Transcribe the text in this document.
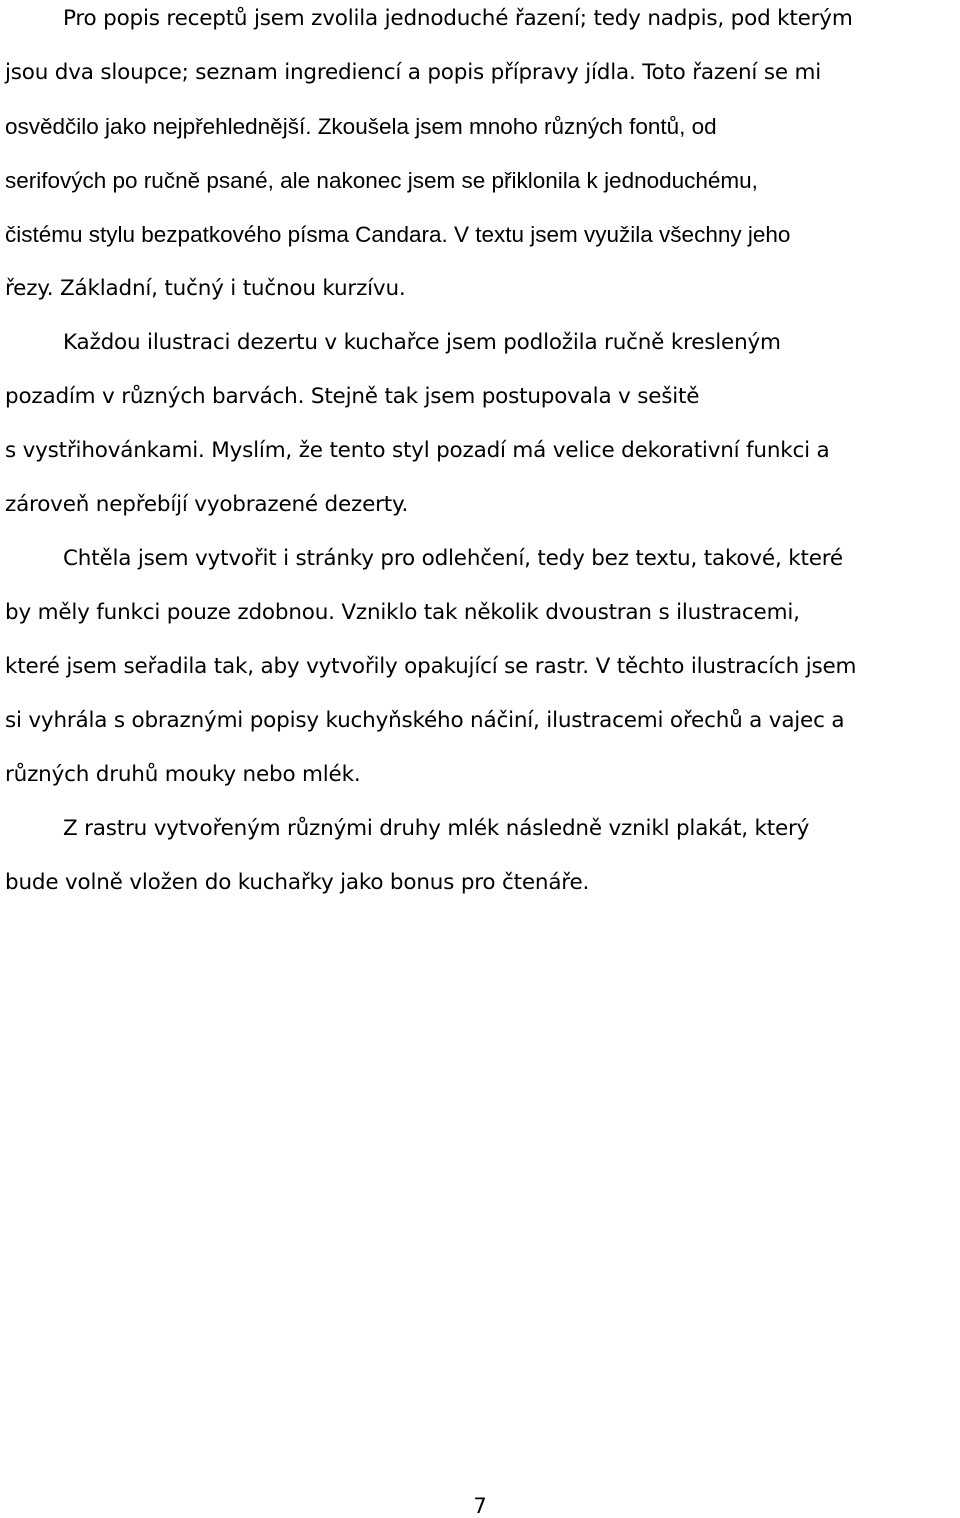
Pro popis receptů jsem zvolila jednoduché řazení; tedy nadpis, pod kterým
jsou dva sloupce; seznam ingrediencí a popis přípravy jídla. Toto řazení se mi
osvědčilo jako nejpřehlednější. Zkoušela jsem mnoho různých fontů, od
serifových po ručně psané, ale nakonec jsem se přiklonila k jednoduchému,
čistému stylu bezpatkového písma Candara. V textu jsem využila všechny jeho
řezy. Základní, tučný i tučnou kurzívu.
Každou ilustraci dezertu v kuchařce jsem podložila ručně kresleným
pozadím v různých barvách. Stejně tak jsem postupovala v sešitě
s vystřihovánkami. Myslím, že tento styl pozadí má velice dekorativní funkci a
zároveň nepřebíjí vyobrazené dezerty.
Chtěla jsem vytvořit i stránky pro odlehčení, tedy bez textu, takové, které
by měly funkci pouze zdobnou. Vzniklo tak několik dvoustran s ilustracemi,
které jsem seřadila tak, aby vytvořily opakující se rastr. V těchto ilustracích jsem
si vyhrála s obraznými popisy kuchyňského náčiní, ilustracemi ořechů a vajec a
různých druhů mouky nebo mlék.
Z rastru vytvořeným různými druhy mlék následně vznikl plakát, který
bude volně vložen do kuchařky jako bonus pro čtenáře.
7
